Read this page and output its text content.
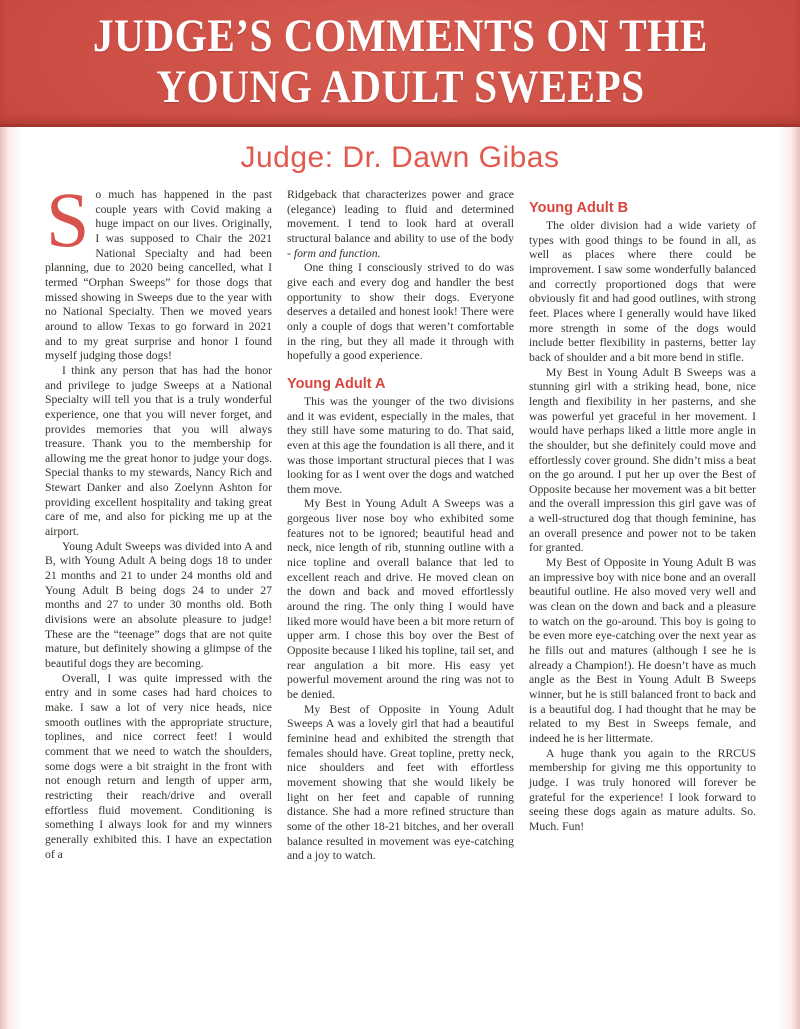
JUDGE’S COMMENTS ON THE
YOUNG ADULT SWEEPS
Judge: Dr. Dawn Gibas

So much has happened in the past couple years with Covid making a huge impact on our lives. Originally, I was supposed to Chair the 2021 National Specialty and had been planning, due to 2020 being cancelled, what I termed “Orphan Sweeps” for those dogs that missed showing in Sweeps due to the year with no National Specialty. Then we moved years around to allow Texas to go forward in 2021 and to my great surprise and honor I found myself judging those dogs!

I think any person that has had the honor and privilege to judge Sweeps at a National Specialty will tell you that is a truly wonderful experience, one that you will never forget, and provides memories that you will always treasure. Thank you to the membership for allowing me the great honor to judge your dogs. Special thanks to my stewards, Nancy Rich and Stewart Danker and also Zoelynn Ashton for providing excellent hospitality and taking great care of me, and also for picking me up at the airport.

Young Adult Sweeps was divided into A and B, with Young Adult A being dogs 18 to under 21 months and 21 to under 24 months old and Young Adult B being dogs 24 to under 27 months and 27 to under 30 months old. Both divisions were an absolute pleasure to judge! These are the “teenage” dogs that are not quite mature, but definitely showing a glimpse of the beautiful dogs they are becoming.

Overall, I was quite impressed with the entry and in some cases had hard choices to make. I saw a lot of very nice heads, nice smooth outlines with the appropriate structure, toplines, and nice correct feet! I would comment that we need to watch the shoulders, some dogs were a bit straight in the front with not enough return and length of upper arm, restricting their reach/drive and overall effortless fluid movement. Conditioning is something I always look for and my winners generally exhibited this. I have an expectation of a

Ridgeback that characterizes power and grace (elegance) leading to fluid and determined movement. I tend to look hard at overall structural balance and ability to use of the body - form and function.

One thing I consciously strived to do was give each and every dog and handler the best opportunity to show their dogs. Everyone deserves a detailed and honest look! There were only a couple of dogs that weren’t comfortable in the ring, but they all made it through with hopefully a good experience.

Young Adult A

This was the younger of the two divisions and it was evident, especially in the males, that they still have some maturing to do. That said, even at this age the foundation is all there, and it was those important structural pieces that I was looking for as I went over the dogs and watched them move.

My Best in Young Adult A Sweeps was a gorgeous liver nose boy who exhibited some features not to be ignored; beautiful head and neck, nice length of rib, stunning outline with a nice topline and overall balance that led to excellent reach and drive. He moved clean on the down and back and moved effortlessly around the ring. The only thing I would have liked more would have been a bit more return of upper arm. I chose this boy over the Best of Opposite because I liked his topline, tail set, and rear angulation a bit more. His easy yet powerful movement around the ring was not to be denied.

My Best of Opposite in Young Adult Sweeps A was a lovely girl that had a beautiful feminine head and exhibited the strength that females should have. Great topline, pretty neck, nice shoulders and feet with effortless movement showing that she would likely be light on her feet and capable of running distance. She had a more refined structure than some of the other 18-21 bitches, and her overall balance resulted in movement was eye-catching and a joy to watch.

Young Adult B

The older division had a wide variety of types with good things to be found in all, as well as places where there could be improvement. I saw some wonderfully balanced and correctly proportioned dogs that were obviously fit and had good outlines, with strong feet. Places where I generally would have liked more strength in some of the dogs would include better flexibility in pasterns, better lay back of shoulder and a bit more bend in stifle.

My Best in Young Adult B Sweeps was a stunning girl with a striking head, bone, nice length and flexibility in her pasterns, and she was powerful yet graceful in her movement. I would have perhaps liked a little more angle in the shoulder, but she definitely could move and effortlessly cover ground. She didn’t miss a beat on the go around. I put her up over the Best of Opposite because her movement was a bit better and the overall impression this girl gave was of a well-structured dog that though feminine, has an overall presence and power not to be taken for granted.

My Best of Opposite in Young Adult B was an impressive boy with nice bone and an overall beautiful outline. He also moved very well and was clean on the down and back and a pleasure to watch on the go-around. This boy is going to be even more eye-catching over the next year as he fills out and matures (although I see he is already a Champion!). He doesn’t have as much angle as the Best in Young Adult B Sweeps winner, but he is still balanced front to back and is a beautiful dog. I had thought that he may be related to my Best in Sweeps female, and indeed he is her littermate.

A huge thank you again to the RRCUS membership for giving me this opportunity to judge. I was truly honored will forever be grateful for the experience! I look forward to seeing these dogs again as mature adults. So. Much. Fun!
